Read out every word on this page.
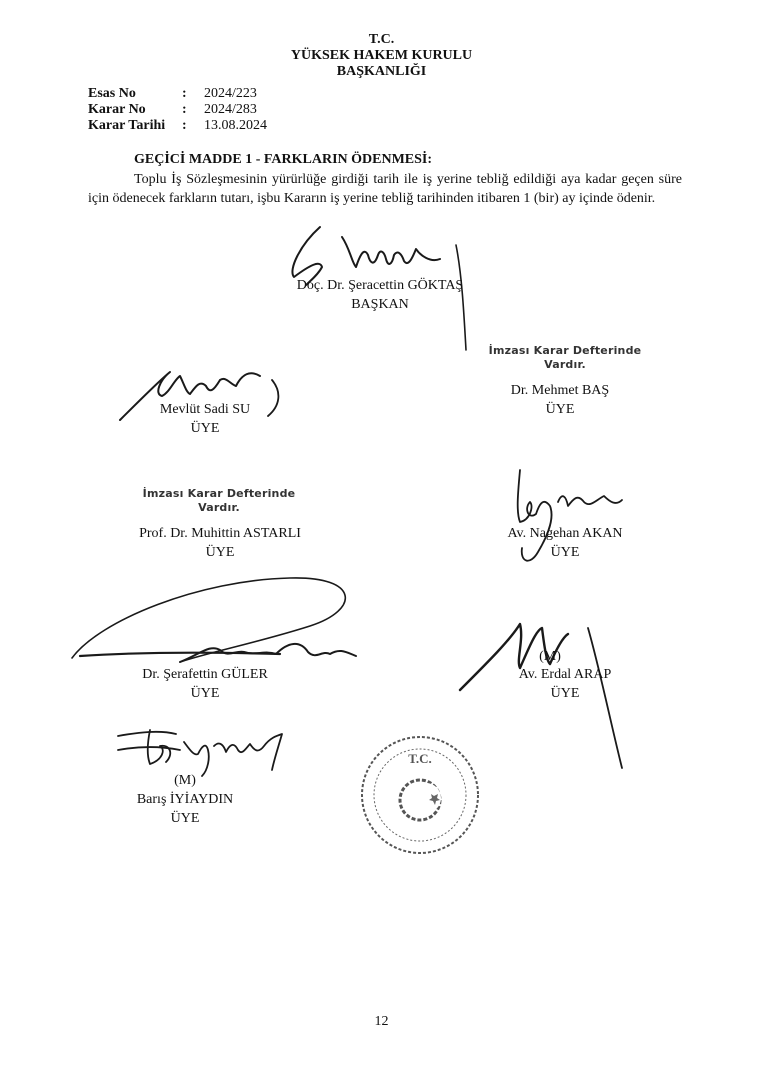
T.C.
YÜKSEK HAKEM KURULU
BAŞKANLIĞI
Esas No	: 2024/223
Karar No	: 2024/283
Karar Tarihi : 13.08.2024
GEÇİCİ MADDE 1 - FARKLARIN ÖDENMESİ:
Toplu İş Sözleşmesinin yürürlüğe girdiği tarih ile iş yerine tebliğ edildiği aya kadar geçen süre için ödenecek farkların tutarı, işbu Kararın iş yerine tebliğ tarihinden itibaren 1 (bir) ay içinde ödenir.
Doç. Dr. Şeracettin GÖKTAŞ
BAŞKAN
İmzası Karar Defterinde
Vardır.
Dr. Mehmet BAŞ
ÜYE
Mevlüt Sadi SU
ÜYE
İmzası Karar Defterinde
Vardır.
Prof. Dr. Muhittin ASTARLI
ÜYE
Av. Nagehan AKAN
ÜYE
Dr. Şerafettin GÜLER
ÜYE
(M)
Av. Erdal ARAP
ÜYE
(M)
Barış İYİAYDIN
ÜYE
T.C.
12
